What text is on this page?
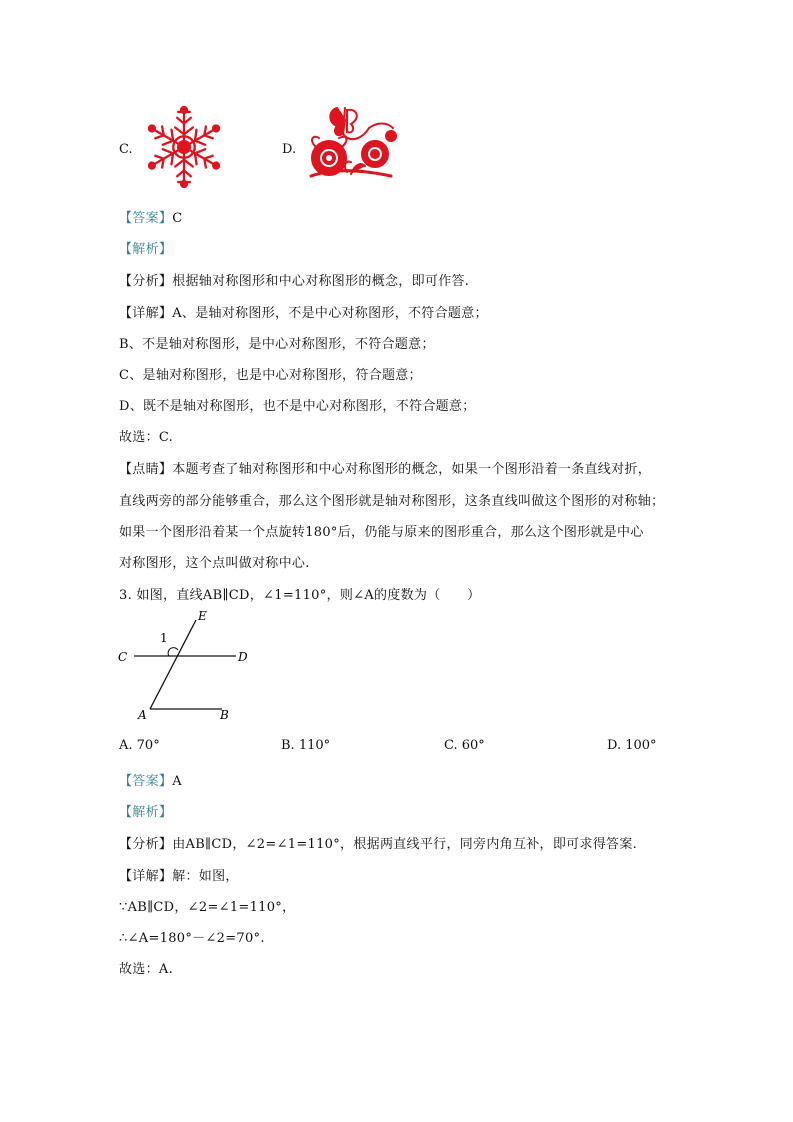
C.	D.
【答案】C
【解析】
【分析】根据轴对称图形和中心对称图形的概念，即可作答.
【详解】A、是轴对称图形，不是中心对称图形，不符合题意；
B、不是轴对称图形，是中心对称图形，不符合题意；
C、是轴对称图形，也是中心对称图形，符合题意；
D、既不是轴对称图形，也不是中心对称图形，不符合题意；
故选：C.
【点睛】本题考查了轴对称图形和中心对称图形的概念，如果一个图形沿着一条直线对折，
直线两旁的部分能够重合，那么这个图形就是轴对称图形，这条直线叫做这个图形的对称轴；
如果一个图形沿着某一个点旋转180°后，仍能与原来的图形重合，那么这个图形就是中心
对称图形，这个点叫做对称中心.
3. 如图，直线AB∥CD，∠1=110°，则∠A的度数为（　　）
E
1
C	D
A	B
A. 70°	B. 110°	C. 60°	D. 100°
【答案】A
【解析】
【分析】由AB∥CD，∠2=∠1=110°，根据两直线平行，同旁内角互补，即可求得答案.
【详解】解：如图，
∵AB∥CD，∠2=∠1=110°，
∴∠A=180°－∠2=70°.
故选：A.
